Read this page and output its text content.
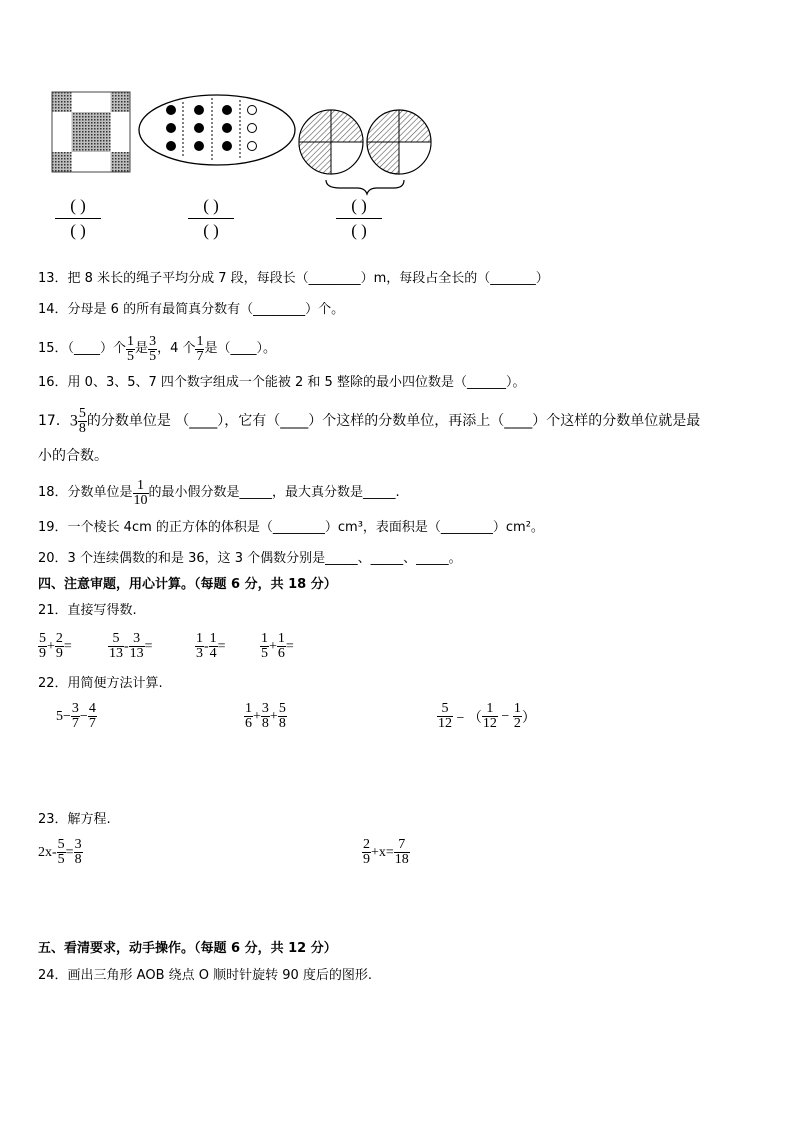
( )
( )
( )
( )
( )
( )
13．把 8 米长的绳子平均分成 7 段，每段长（________）m，每段占全长的（_______）
14．分母是 6 的所有最简真分数有（________）个。
15．（____）个 $\frac{1}{5}$ 是 $\frac{3}{5}$ ，4 个 $\frac{1}{7}$ 是（____）。
16．用 0、3、5、7 四个数字组成一个能被 2 和 5 整除的最小四位数是（______）。
17． $3 \frac{5}{8}$ 的分数单位是 （____），它有（____）个这样的分数单位，再添上（____）个这样的分数单位就是最
小的合数。
18．分数单位是 $\frac{1}{10}$ 的最小假分数是_____，最大真分数是_____.
19．一个棱长 4cm 的正方体的体积是（________）cm³，表面积是（________）cm²。
20．3 个连续偶数的和是 36，这 3 个偶数分别是_____、_____、_____。
四、注意审题，用心计算。（每题 6 分，共 18 分）
21．直接写得数.
$\frac{5}{9} + \frac{2}{9}$ =	$\frac{5}{13} - \frac{3}{13}$ =	$\frac{1}{3} - \frac{1}{4} = \frac{1}{5} + \frac{1}{6}$ =
22．用简便方法计算.
$5- \frac{3}{7} - \frac{4}{7}$	$\frac{1}{6} + \frac{3}{8} + \frac{5}{8}$	$\frac{5}{12}$ − （ $\frac{1}{12} - \frac{1}{2}$ ）
23．解方程.
$2x- \frac{5}{5} = \frac{3}{8}$	$\frac{2}{9} +x= \frac{7}{18}$
五、看清要求，动手操作。（每题 6 分，共 12 分）
24．画出三角形 AOB 绕点 O 顺时针旋转 90 度后的图形.
